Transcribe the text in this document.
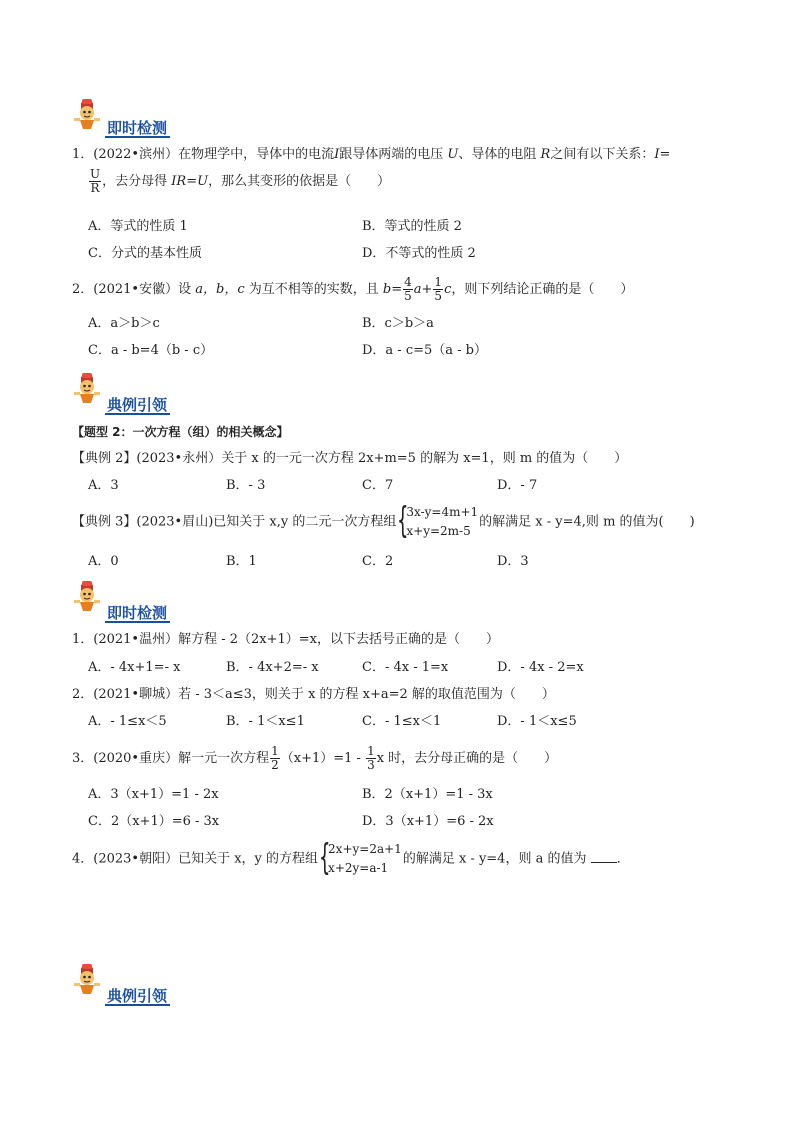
即时检测
1．(2022•滨州）在物理学中，导体中的电流I跟导体两端的电压 U、导体的电阻 R之间有以下关系：I=
$\frac{U}{R}$ ，去分母得 IR=U，那么其变形的依据是（　　）
A．等式的性质 1	B．等式的性质 2
C．分式的基本性质	D．不等式的性质 2
2．(2021•安徽）设 a，b，c 为互不相等的实数，且 $b= \frac{4}{5} a+ \frac{1}{5}$ c，则下列结论正确的是（　　）
A．a＞b＞c	B．c＞b＞a
C．a - b=4（b - c）	D．a - c=5（a - b）
典例引领
【题型 2：一次方程（组）的相关概念】
【典例 2】(2023•永州）关于 x 的一元一次方程 2x+m=5 的解为 x=1，则 m 的值为（　　）
A．3	B．- 3	C．7	D．- 7
【典例 3】(2023•眉山)已知关于 x,y 的二元一次方程组 {
3x-y=4m+1
x+y=2m-5
的解满足 x - y=4,则 m 的值为(　　)
A．0	B．1	C．2	D．3
即时检测
1．(2021•温州）解方程 - 2（2x+1）=x，以下去括号正确的是（　　）
A．- 4x+1=- x	B．- 4x+2=- x	C．- 4x - 1=x	D．- 4x - 2=x
2．(2021•聊城）若 - 3＜a≤3，则关于 x 的方程 x+a=2 解的取值范围为（　　）
A．- 1≤x＜5	B．- 1＜x≤1	C．- 1≤x＜1	D．- 1＜x≤5
3．(2020•重庆）解一元一次方程 $\frac{1}{2} (x+1)=1 - \frac{1}{3}$ x 时，去分母正确的是（　　）
A．3（x+1）=1 - 2x	B．2（x+1）=1 - 3x
C．2（x+1）=6 - 3x	D．3（x+1）=6 - 2x
4．(2023•朝阳）已知关于 x，y 的方程组 {
2x+y=2a+1
x+2y=a-1
的解满足 x - y=4，则 a 的值为 ．
典例引领
